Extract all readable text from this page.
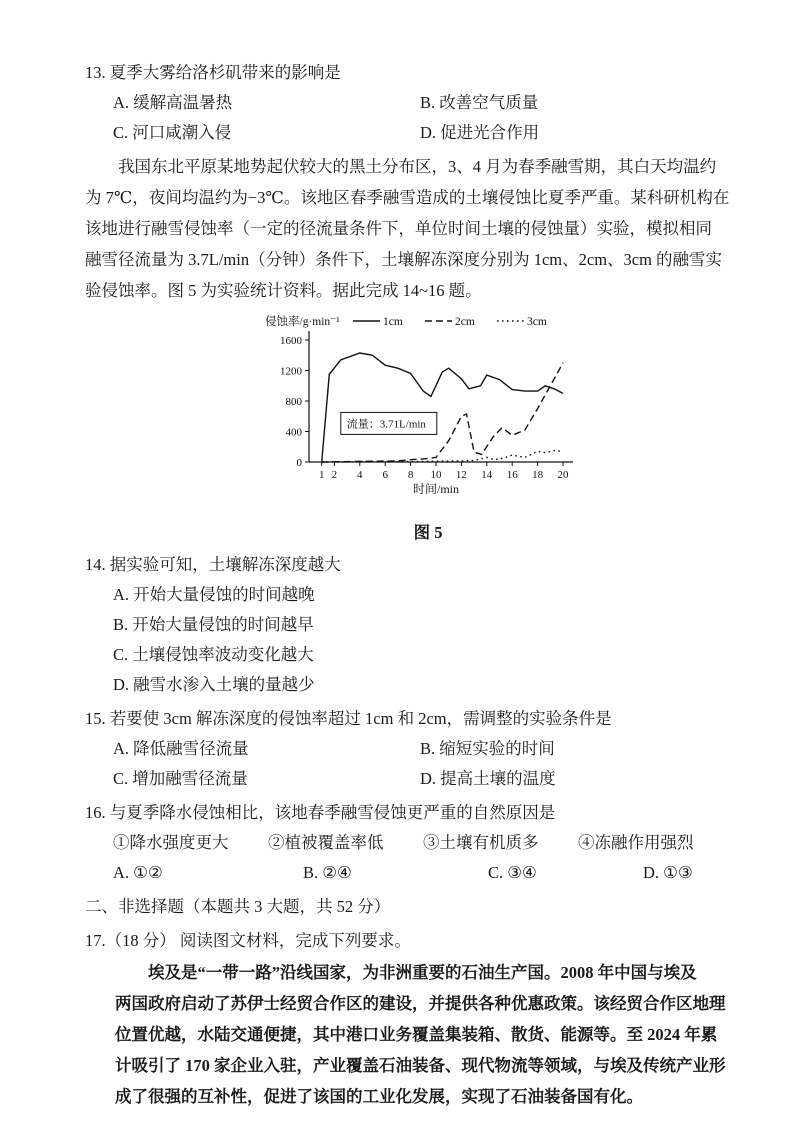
13. 夏季大雾给洛杉矶带来的影响是
A. 缓解高温暑热	B. 改善空气质量
C. 河口咸潮入侵	D. 促进光合作用
我国东北平原某地势起伏较大的黑土分布区，3、4 月为春季融雪期，其白天均温约
为 7℃，夜间均温约为−3℃。该地区春季融雪造成的土壤侵蚀比夏季严重。某科研机构在
该地进行融雪侵蚀率（一定的径流量条件下，单位时间土壤的侵蚀量）实验，模拟相同
融雪径流量为 3.7L/min（分钟）条件下，土壤解冻深度分别为 1cm、2cm、3cm 的融雪实
验侵蚀率。图 5 为实验统计资料。据此完成 14~16 题。
侵蚀率/g·min⁻¹	1cm	2cm	3cm
0
400
800
1200
1600
1 2 4 6 8 10 12 14 16 18 20
时间/min
流量：3.71L/min
图 5
14. 据实验可知，土壤解冻深度越大
A. 开始大量侵蚀的时间越晚
B. 开始大量侵蚀的时间越早
C. 土壤侵蚀率波动变化越大
D. 融雪水渗入土壤的量越少
15. 若要使 3cm 解冻深度的侵蚀率超过 1cm 和 2cm，需调整的实验条件是
A. 降低融雪径流量	B. 缩短实验的时间
C. 增加融雪径流量	D. 提高土壤的温度
16. 与夏季降水侵蚀相比，该地春季融雪侵蚀更严重的自然原因是
①降水强度更大	②植被覆盖率低	③土壤有机质多	④冻融作用强烈
A. ①②	B. ②④	C. ③④	D. ①③
二、非选择题（本题共 3 大题，共 52 分）
17.（18 分） 阅读图文材料，完成下列要求。
埃及是“一带一路”沿线国家，为非洲重要的石油生产国。2008 年中国与埃及
两国政府启动了苏伊士经贸合作区的建设，并提供各种优惠政策。该经贸合作区地理
位置优越，水陆交通便捷，其中港口业务覆盖集装箱、散货、能源等。至 2024 年累
计吸引了 170 家企业入驻，产业覆盖石油装备、现代物流等领域，与埃及传统产业形
成了很强的互补性，促进了该国的工业化发展，实现了石油装备国有化。
